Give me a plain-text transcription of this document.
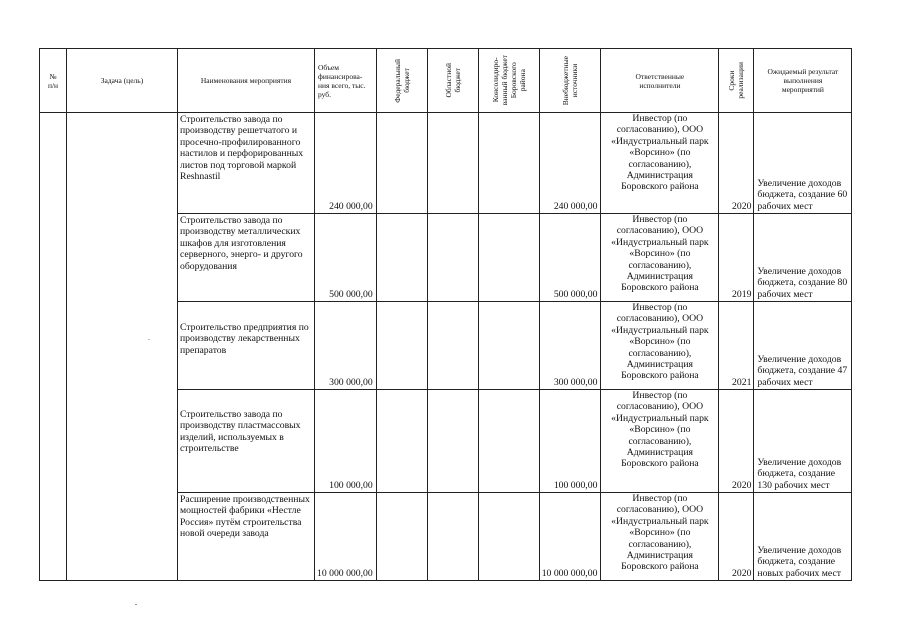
№
п/н	Задача (цель)	Наименования мероприятия	Объем
финансирова-
ния всего, тыс.
руб.	Федеральный
бюджет	Областной
бюджет	Консолидиро-
ванный бюджет
Боровского
района	Внебюджетные
источники	Ответственные
исполнители	Сроки
реализации	Ожидаемый результат
выполнения
мероприятий

		Строительство завода по производству решетчатого и просечно-профилированного настилов и перфорированных листов под торговой маркой Reshnastil	240 000,00				240 000,00	Инвестор (по согласованию), ООО «Индустриальный парк «Ворсино» (по согласованию), Администрация Боровского района	2020	Увеличение доходов бюджета, создание 60 рабочих мест
		Строительство завода по производству металлических шкафов для изготовления серверного, энерго- и другого оборудования	500 000,00				500 000,00	Инвестор (по согласованию), ООО «Индустриальный парк «Ворсино» (по согласованию), Администрация Боровского района	2019	Увеличение доходов бюджета, создание 80 рабочих мест
		Строительство предприятия по производству лекарственных препаратов	300 000,00				300 000,00	Инвестор (по согласованию), ООО «Индустриальный парк «Ворсино» (по согласованию), Администрация Боровского района	2021	Увеличение доходов бюджета, создание 47 рабочих мест
		Строительство завода по производству пластмассовых изделий, используемых в строительстве	100 000,00				100 000,00	Инвестор (по согласованию), ООО «Индустриальный парк «Ворсино» (по согласованию), Администрация Боровского района	2020	Увеличение доходов бюджета, создание 130 рабочих мест
		Расширение производственных мощностей фабрики «Нестле Россия» путём строительства новой очереди завода	10 000 000,00				10 000 000,00	Инвестор (по согласованию), ООО «Индустриальный парк «Ворсино» (по согласованию), Администрация Боровского района	2020	Увеличение доходов бюджета, создание новых рабочих мест
